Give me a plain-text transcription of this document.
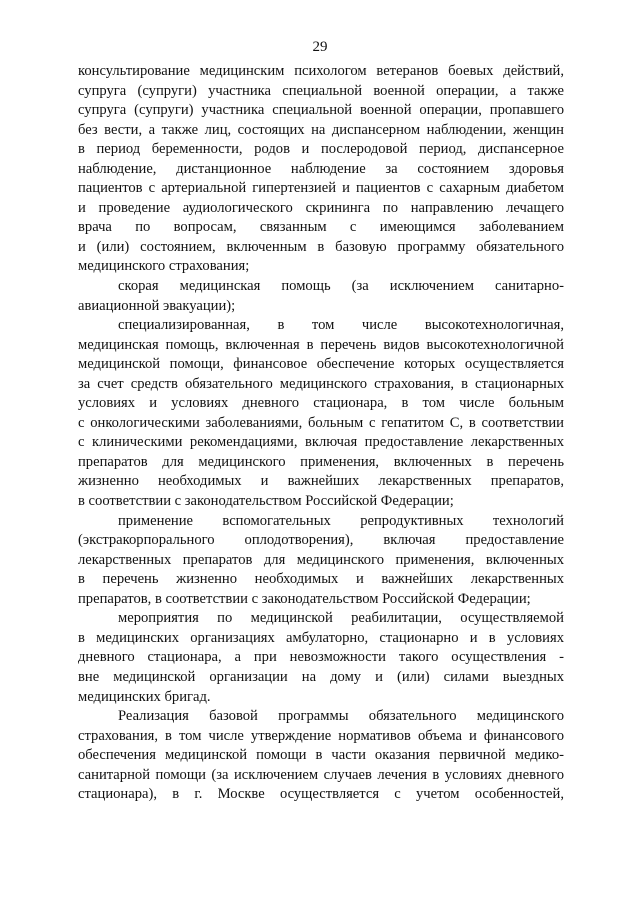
29
консультирование медицинским психологом ветеранов боевых действий,
супруга (супруги) участника специальной военной операции, а также
супруга (супруги) участника специальной военной операции, пропавшего
без вести, а также лиц, состоящих на диспансерном наблюдении, женщин
в период беременности, родов и послеродовой период, диспансерное
наблюдение, дистанционное наблюдение за состоянием здоровья
пациентов с артериальной гипертензией и пациентов с сахарным диабетом
и проведение аудиологического скрининга по направлению лечащего
врача по вопросам, связанным с имеющимся заболеванием
и (или) состоянием, включенным в базовую программу обязательного
медицинского страхования;
скорая медицинская помощь (за исключением санитарно-
авиационной эвакуации);
специализированная, в том числе высокотехнологичная,
медицинская помощь, включенная в перечень видов высокотехнологичной
медицинской помощи, финансовое обеспечение которых осуществляется
за счет средств обязательного медицинского страхования, в стационарных
условиях и условиях дневного стационара, в том числе больным
с онкологическими заболеваниями, больным с гепатитом С, в соответствии
с клиническими рекомендациями, включая предоставление лекарственных
препаратов для медицинского применения, включенных в перечень
жизненно необходимых и важнейших лекарственных препаратов,
в соответствии с законодательством Российской Федерации;
применение вспомогательных репродуктивных технологий
(экстракорпорального оплодотворения), включая предоставление
лекарственных препаратов для медицинского применения, включенных
в перечень жизненно необходимых и важнейших лекарственных
препаратов, в соответствии с законодательством Российской Федерации;
мероприятия по медицинской реабилитации, осуществляемой
в медицинских организациях амбулаторно, стационарно и в условиях
дневного стационара, а при невозможности такого осуществления -
вне медицинской организации на дому и (или) силами выездных
медицинских бригад.
Реализация базовой программы обязательного медицинского
страхования, в том числе утверждение нормативов объема и финансового
обеспечения медицинской помощи в части оказания первичной медико-
санитарной помощи (за исключением случаев лечения в условиях дневного
стационара), в г. Москве осуществляется с учетом особенностей,
